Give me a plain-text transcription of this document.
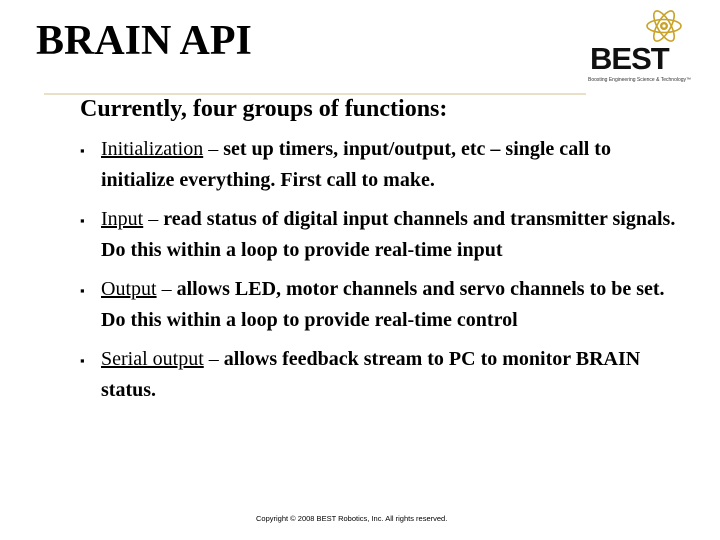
BRAIN API	BEST
Boosting Engineering Science & Technology™
Currently, four groups of functions:
▪ Initialization – set up timers, input/output, etc – single call to initialize everything. First call to make.
▪ Input – read status of digital input channels and transmitter signals. Do this within a loop to provide real-time input
▪ Output – allows LED, motor channels and servo channels to be set. Do this within a loop to provide real-time control
▪ Serial output – allows feedback stream to PC to monitor BRAIN status.
Copyright © 2008 BEST Robotics, Inc. All rights reserved.
